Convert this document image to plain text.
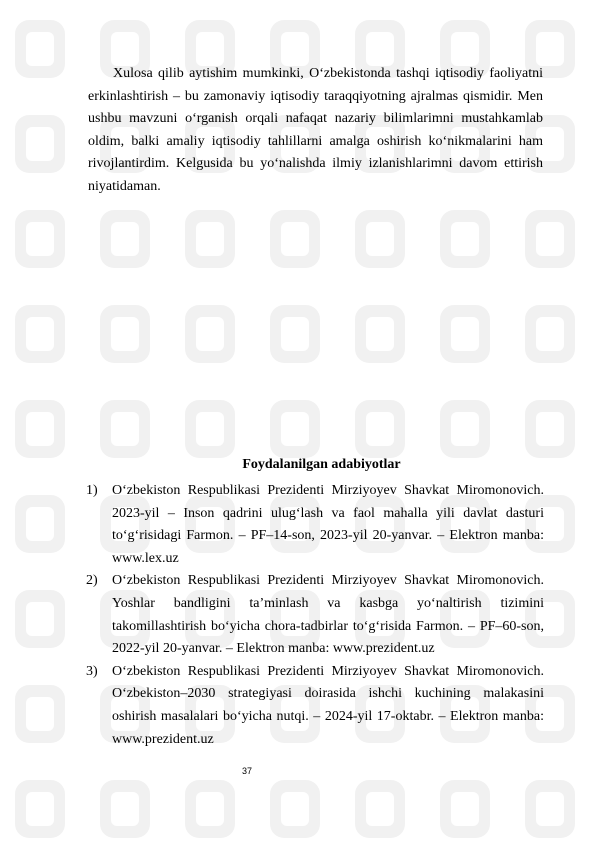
Xulosa qilib aytishim mumkinki, O‘zbekistonda tashqi iqtisodiy faoliyatni erkinlashtirish – bu zamonaviy iqtisodiy taraqqiyotning ajralmas qismidir. Men ushbu mavzuni o‘rganish orqali nafaqat nazariy bilimlarimni mustahkamlab oldim, balki amaliy iqtisodiy tahlillarni amalga oshirish ko‘nikmalarini ham rivojlantirdim. Kelgusida bu yo‘nalishda ilmiy izlanishlarimni davom ettirish niyatidaman.

Foydalanilgan adabiyotlar
1) O‘zbekiston Respublikasi Prezidenti Mirziyoyev Shavkat Miromonovich. 2023-yil – Inson qadrini ulug‘lash va faol mahalla yili davlat dasturi to‘g‘risidagi Farmon. – PF–14-son, 2023-yil 20-yanvar. – Elektron manba: www.lex.uz
2) O‘zbekiston Respublikasi Prezidenti Mirziyoyev Shavkat Miromonovich. Yoshlar bandligini ta’minlash va kasbga yo‘naltirish tizimini takomillashtirish bo‘yicha chora-tadbirlar to‘g‘risida Farmon. – PF–60-son, 2022-yil 20-yanvar. – Elektron manba: www.prezident.uz
3) O‘zbekiston Respublikasi Prezidenti Mirziyoyev Shavkat Miromonovich. O‘zbekiston–2030 strategiyasi doirasida ishchi kuchining malakasini oshirish masalalari bo‘yicha nutqi. – 2024-yil 17-oktabr. – Elektron manba: www.prezident.uz

37
